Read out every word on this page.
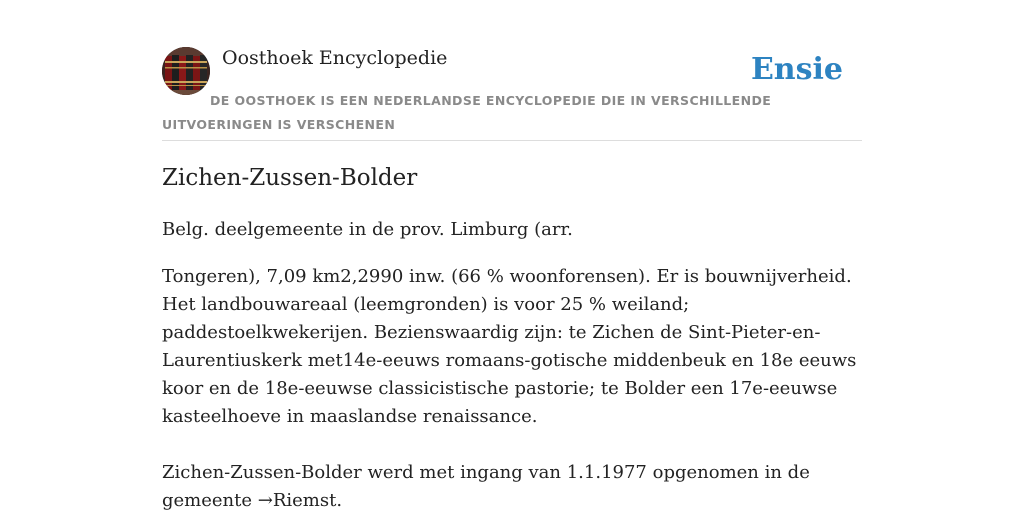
Oosthoek Encyclopedie	Ensie

DE OOSTHOEK IS EEN NEDERLANDSE ENCYCLOPEDIE DIE IN VERSCHILLENDE UITVOERINGEN IS VERSCHENEN

Zichen-Zussen-Bolder

Belg. deelgemeente in de prov. Limburg (arr.

Tongeren), 7,09 km2,2990 inw. (66 % woonforensen). Er is bouwnijverheid. Het landbouwareaal (leemgronden) is voor 25 % weiland; paddestoelkwekerijen. Bezienswaardig zijn: te Zichen de Sint-Pieter-en-Laurentiuskerk met14e-eeuws romaans-gotische middenbeuk en 18e eeuws koor en de 18e-eeuwse classicistische pastorie; te Bolder een 17e-eeuwse kasteelhoeve in maaslandse renaissance.

Zichen-Zussen-Bolder werd met ingang van 1.1.1977 opgenomen in de gemeente →Riemst.
